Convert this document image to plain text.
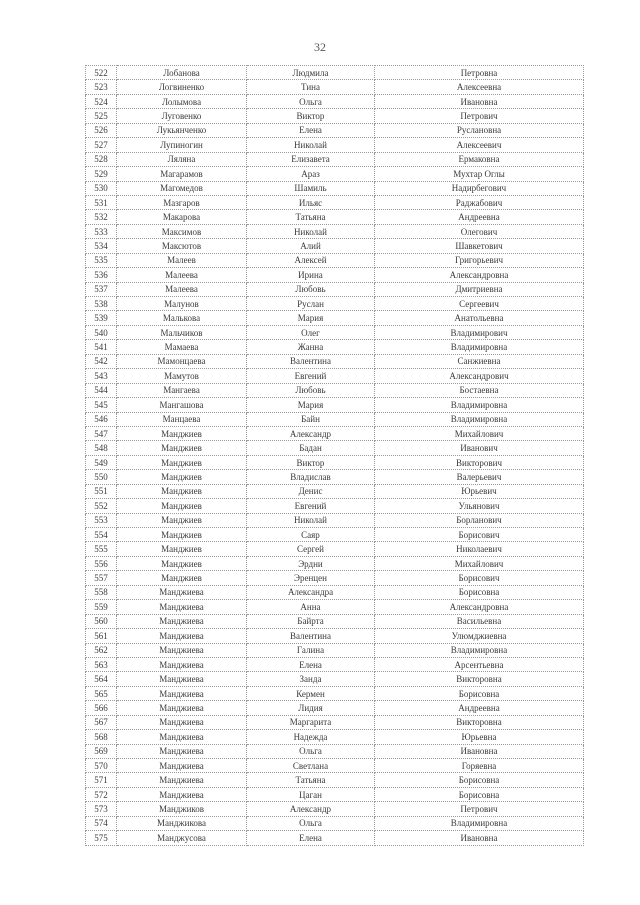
32
522	Лобанова	Людмила	Петровна
523	Логвиненко	Тина	Алексеевна
524	Лолымова	Ольга	Ивановна
525	Луговенко	Виктор	Петрович
526	Лукьянченко	Елена	Руслановна
527	Лупиногин	Николай	Алексеевич
528	Ляляна	Елизавета	Ермаковна
529	Магарамов	Араз	Мухтар Оглы
530	Магомедов	Шамиль	Надирбегович
531	Мазгаров	Ильяс	Раджабович
532	Макарова	Татьяна	Андреевна
533	Максимов	Николай	Олегович
534	Максютов	Алий	Шавкетович
535	Малеев	Алексей	Григорьевич
536	Малеева	Ирина	Александровна
537	Малеева	Любовь	Дмитриевна
538	Малунов	Руслан	Сергеевич
539	Малькова	Мария	Анатольевна
540	Мальчиков	Олег	Владимирович
541	Мамаева	Жанна	Владимировна
542	Мамонцаева	Валентина	Санжиевна
543	Мамутов	Евгений	Александрович
544	Мангаева	Любовь	Бостаевна
545	Мангашова	Мария	Владимировна
546	Манцаева	Байн	Владимировна
547	Манджиев	Александр	Михайлович
548	Манджиев	Бадан	Иванович
549	Манджиев	Виктор	Викторович
550	Манджиев	Владислав	Валерьевич
551	Манджиев	Денис	Юрьевич
552	Манджиев	Евгений	Ульянович
553	Манджиев	Николай	Борланович
554	Манджиев	Саяр	Борисович
555	Манджиев	Сергей	Николаевич
556	Манджиев	Эрдни	Михайлович
557	Манджиев	Эренцен	Борисович
558	Манджиева	Александра	Борисовна
559	Манджиева	Анна	Александровна
560	Манджиева	Байрта	Васильевна
561	Манджиева	Валентина	Улюмджиевна
562	Манджиева	Галина	Владимировна
563	Манджиева	Елена	Арсентьевна
564	Манджиева	Занда	Викторовна
565	Манджиева	Кермен	Борисовна
566	Манджиева	Лидия	Андреевна
567	Манджиева	Маргарита	Викторовна
568	Манджиева	Надежда	Юрьевна
569	Манджиева	Ольга	Ивановна
570	Манджиева	Светлана	Горяевна
571	Манджиева	Татьяна	Борисовна
572	Манджиева	Цаган	Борисовна
573	Манджиков	Александр	Петрович
574	Манджикова	Ольга	Владимировна
575	Манджусова	Елена	Ивановна
